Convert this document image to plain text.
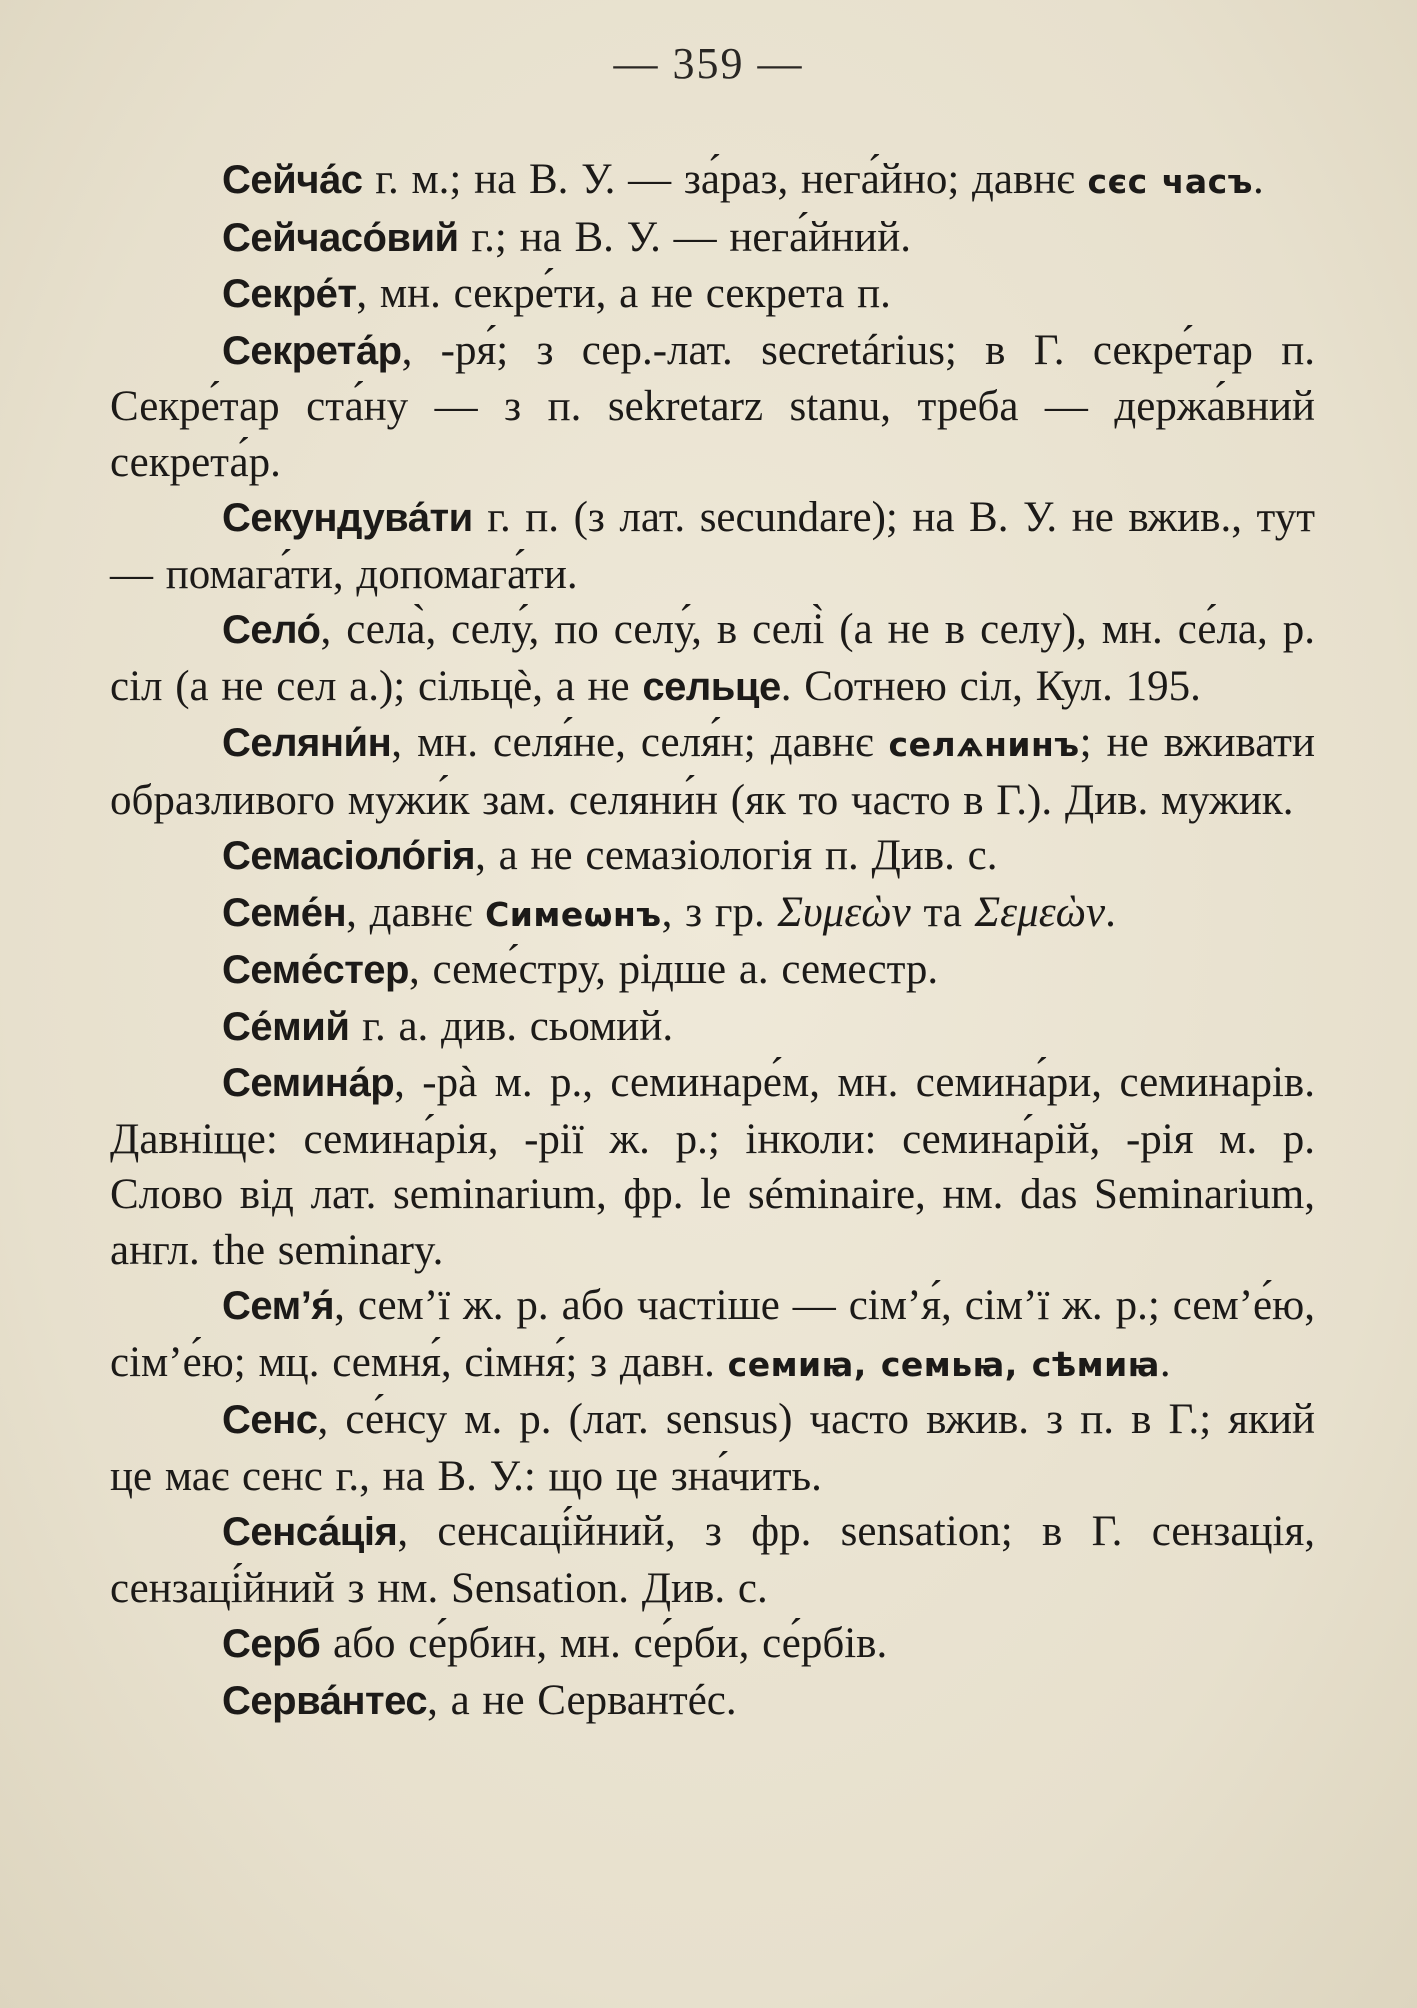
— 359 —

Сейча́с г. м.; на В. У. — за́раз, нега́йно; давнє сєс часъ.

Сейчасо́вий г.; на В. У. — нега́йний.

Секре́т, мн. секре́ти, а не секрета п.

Секрета́р, -ря́; з сер.-лат. secretárius; в Г. секре́тар п. Секре́тар ста́ну — з п. sekretarz stanu, треба — держа́вний секрета́р.

Секундува́ти г. п. (з лат. secundare); на В. У. не вжив., тут — помага́ти, допомага́ти.

Село́, села̀, селу́, по селу́, в селі̀ (а не в селу), мн. се́ла, р. сіл (а не сел а.); сільцѐ, а не сельце. Сотнею сіл, Кул. 195.

Селяни́н, мн. селя́не, селя́н; давнє селѧнинъ; не вживати образливого мужи́к зам. селяни́н (як то часто в Г.). Див. мужик.

Семасіоло́гія, а не семазіологія п. Див. с.

Семе́н, давнє Симеѡнъ, з гр. Συμεὼν та Σεμεὼν.

Семе́стер, семе́стру, рідше а. семестр.

Се́мий г. а. див. сьомий.

Семина́р, -рà м. р., семинаре́м, мн. семина́ри, семинарів. Давніще: семина́рія, -рії ж. р.; інколи: семина́рій, -рія м. р. Слово від лат. seminarium, фр. le séminaire, нм. das Seminarium, англ. the seminary.

Сем’я́, сем’ї ж. р. або частіше — сім’я́, сім’ї ж. р.; сем’е́ю, сім’е́ю; мц. семня́, сімня́; з давн. семиꙗ, семьꙗ, сѣмиꙗ.

Сенс, се́нсу м. р. (лат. sensus) часто вжив. з п. в Г.; який це має сенс г., на В. У.: що це зна́чить.

Сенса́ція, сенсаці́йний, з фр. sensation; в Г. сензація, сензаці́йний з нм. Sensation. Див. с.

Серб або се́рбин, мн. се́рби, се́рбів.

Серва́нтес, а не Сервантéс.
